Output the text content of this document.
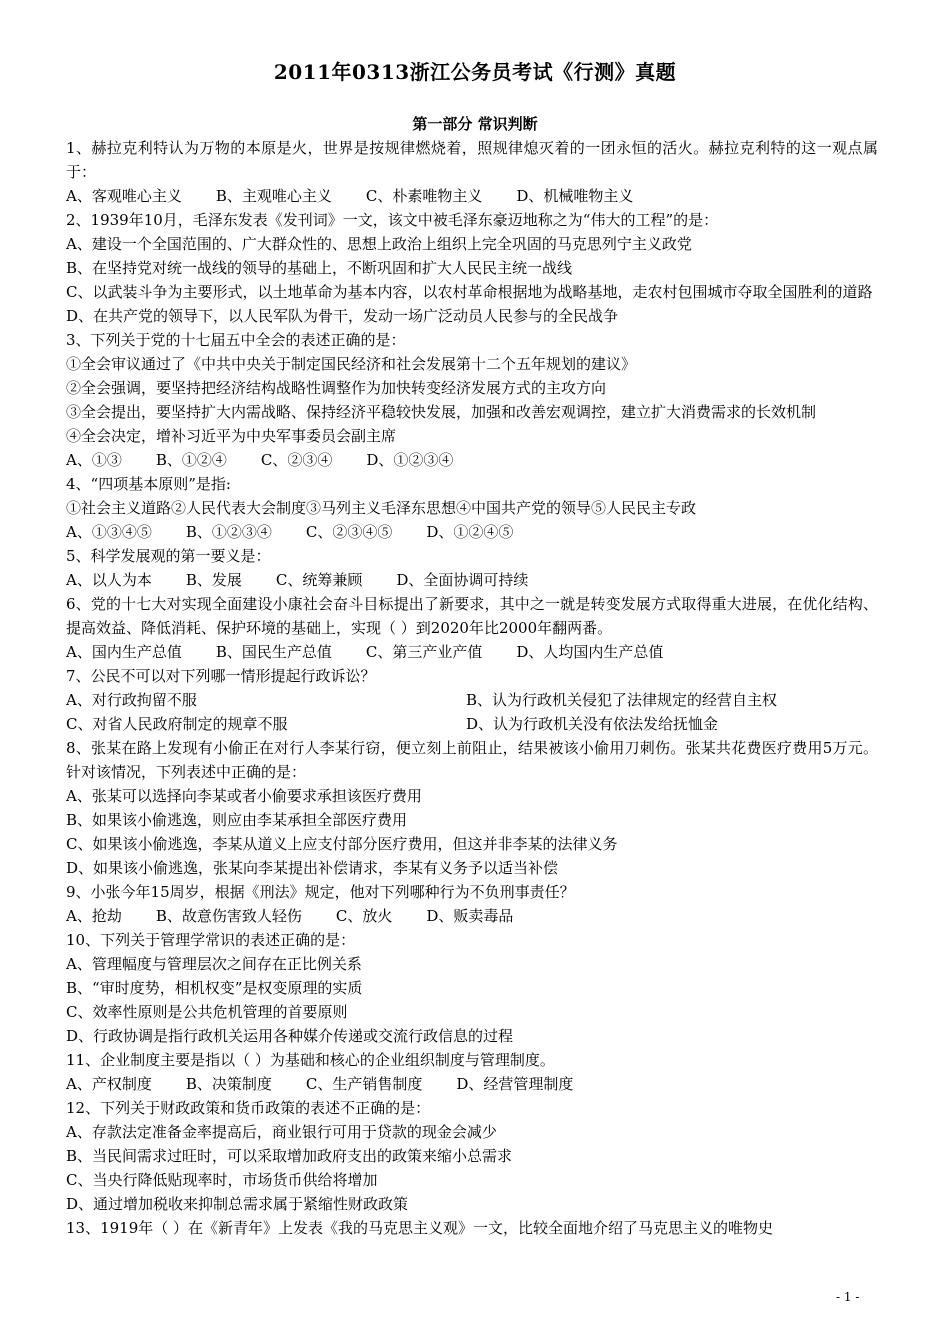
2011年0313浙江公务员考试《行测》真题
第一部分 常识判断
1、赫拉克利特认为万物的本原是火，世界是按规律燃烧着，照规律熄灭着的一团永恒的活火。赫拉克利特的这一观点属于：
A、客观唯心主义 B、主观唯心主义 C、朴素唯物主义 D、机械唯物主义
2、1939年10月，毛泽东发表《发刊词》一文，该文中被毛泽东豪迈地称之为“伟大的工程”的是：
A、建设一个全国范围的、广大群众性的、思想上政治上组织上完全巩固的马克思列宁主义政党
B、在坚持党对统一战线的领导的基础上，不断巩固和扩大人民民主统一战线
C、以武装斗争为主要形式，以土地革命为基本内容，以农村革命根据地为战略基地，走农村包围城市夺取全国胜利的道路
D、在共产党的领导下，以人民军队为骨干，发动一场广泛动员人民参与的全民战争
3、下列关于党的十七届五中全会的表述正确的是：
①全会审议通过了《中共中央关于制定国民经济和社会发展第十二个五年规划的建议》
②全会强调，要坚持把经济结构战略性调整作为加快转变经济发展方式的主攻方向
③全会提出，要坚持扩大内需战略、保持经济平稳较快发展，加强和改善宏观调控，建立扩大消费需求的长效机制
④全会决定，增补习近平为中央军事委员会副主席
A、①③ B、①②④ C、②③④ D、①②③④
4、“四项基本原则”是指:
①社会主义道路②人民代表大会制度③马列主义毛泽东思想④中国共产党的领导⑤人民民主专政
A、①③④⑤ B、①②③④ C、②③④⑤ D、①②④⑤
5、科学发展观的第一要义是：
A、以人为本 B、发展 C、统筹兼顾 D、全面协调可持续
6、党的十七大对实现全面建设小康社会奋斗目标提出了新要求，其中之一就是转变发展方式取得重大进展，在优化结构、提高效益、降低消耗、保护环境的基础上，实现（ ）到2020年比2000年翻两番。
A、国内生产总值 B、国民生产总值 C、第三产业产值 D、人均国内生产总值
7、公民不可以对下列哪一情形提起行政诉讼？
A、对行政拘留不服	B、认为行政机关侵犯了法律规定的经营自主权
C、对省人民政府制定的规章不服	D、认为行政机关没有依法发给抚恤金
8、张某在路上发现有小偷正在对行人李某行窃，便立刻上前阻止，结果被该小偷用刀刺伤。张某共花费医疗费用5万元。针对该情况，下列表述中正确的是：
A、张某可以选择向李某或者小偷要求承担该医疗费用
B、如果该小偷逃逸，则应由李某承担全部医疗费用
C、如果该小偷逃逸，李某从道义上应支付部分医疗费用，但这并非李某的法律义务
D、如果该小偷逃逸，张某向李某提出补偿请求，李某有义务予以适当补偿
9、小张今年15周岁，根据《刑法》规定，他对下列哪种行为不负刑事责任？
A、抢劫 B、故意伤害致人轻伤 C、放火 D、贩卖毒品
10、下列关于管理学常识的表述正确的是：
A、管理幅度与管理层次之间存在正比例关系
B、“审时度势，相机权变”是权变原理的实质
C、效率性原则是公共危机管理的首要原则
D、行政协调是指行政机关运用各种媒介传递或交流行政信息的过程
11、企业制度主要是指以（ ）为基础和核心的企业组织制度与管理制度。
A、产权制度 B、决策制度 C、生产销售制度 D、经营管理制度
12、下列关于财政政策和货币政策的表述不正确的是：
A、存款法定准备金率提高后，商业银行可用于贷款的现金会减少
B、当民间需求过旺时，可以采取增加政府支出的政策来缩小总需求
C、当央行降低贴现率时，市场货币供给将增加
D、通过增加税收来抑制总需求属于紧缩性财政政策
13、1919年（ ）在《新青年》上发表《我的马克思主义观》一文，比较全面地介绍了马克思主义的唯物史
- 1 -
